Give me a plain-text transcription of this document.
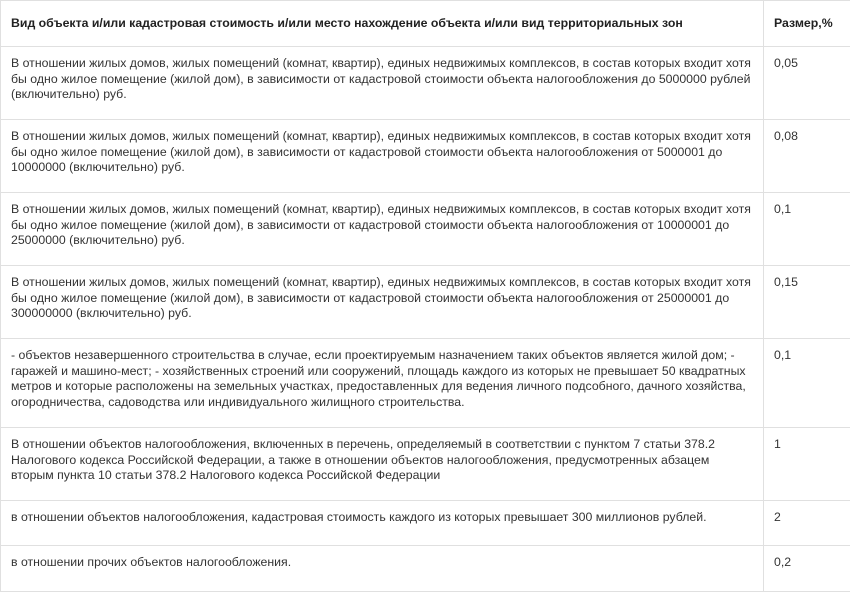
Вид объекта и/или кадастровая стоимость и/или место нахождение объекта и/или вид территориальных зон	Размер,%
В отношении жилых домов, жилых помещений (комнат, квартир), единых недвижимых комплексов, в состав которых входит хотя бы одно жилое помещение (жилой дом), в зависимости от кадастровой стоимости объекта налогообложения до 5000000 рублей (включительно) руб.	0,05
В отношении жилых домов, жилых помещений (комнат, квартир), единых недвижимых комплексов, в состав которых входит хотя бы одно жилое помещение (жилой дом), в зависимости от кадастровой стоимости объекта налогообложения от 5000001 до 10000000 (включительно) руб.	0,08
В отношении жилых домов, жилых помещений (комнат, квартир), единых недвижимых комплексов, в состав которых входит хотя бы одно жилое помещение (жилой дом), в зависимости от кадастровой стоимости объекта налогообложения от 10000001 до 25000000 (включительно) руб.	0,1
В отношении жилых домов, жилых помещений (комнат, квартир), единых недвижимых комплексов, в состав которых входит хотя бы одно жилое помещение (жилой дом), в зависимости от кадастровой стоимости объекта налогообложения от 25000001 до 300000000 (включительно) руб.	0,15
- объектов незавершенного строительства в случае, если проектируемым назначением таких объектов является жилой дом; - гаражей и машино-мест; - хозяйственных строений или сооружений, площадь каждого из которых не превышает 50 квадратных метров и которые расположены на земельных участках, предоставленных для ведения личного подсобного, дачного хозяйства, огородничества, садоводства или индивидуального жилищного строительства.	0,1
В отношении объектов налогообложения, включенных в перечень, определяемый в соответствии с пунктом 7 статьи 378.2 Налогового кодекса Российской Федерации, а также в отношении объектов налогообложения, предусмотренных абзацем вторым пункта 10 статьи 378.2 Налогового кодекса Российской Федерации	1
в отношении объектов налогообложения, кадастровая стоимость каждого из которых превышает 300 миллионов рублей.	2
в отношении прочих объектов налогообложения.	0,2
